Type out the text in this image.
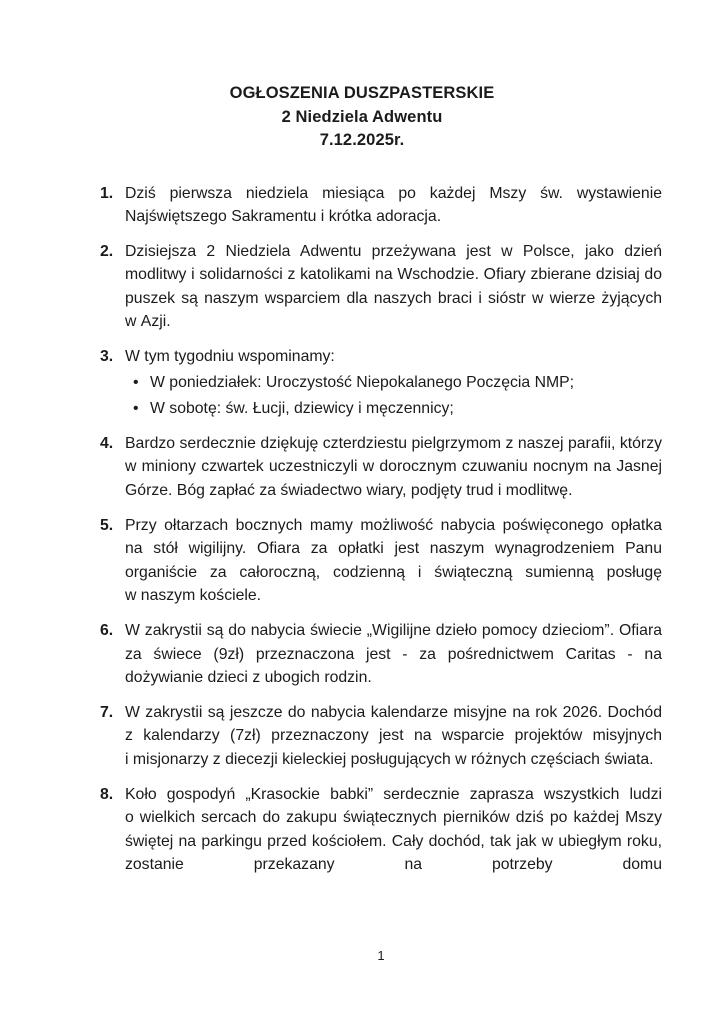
OGŁOSZENIA DUSZPASTERSKIE
2 Niedziela Adwentu
7.12.2025r.
1. Dziś pierwsza niedziela miesiąca po każdej Mszy św. wystawienie Najświętszego Sakramentu i krótka adoracja.
2. Dzisiejsza 2 Niedziela Adwentu przeżywana jest w Polsce, jako dzień modlitwy i solidarności z katolikami na Wschodzie. Ofiary zbierane dzisiaj do puszek są naszym wsparciem dla naszych braci i sióstr w wierze żyjących w Azji.
3. W tym tygodniu wspominamy:
• W poniedziałek: Uroczystość Niepokalanego Poczęcia NMP;
• W sobotę: św. Łucji, dziewicy i męczennicy;
4. Bardzo serdecznie dziękuję czterdziestu pielgrzymom z naszej parafii, którzy w miniony czwartek uczestniczyli w dorocznym czuwaniu nocnym na Jasnej Górze. Bóg zapłać za świadectwo wiary, podjęty trud i modlitwę.
5. Przy ołtarzach bocznych mamy możliwość nabycia poświęconego opłatka na stół wigilijny. Ofiara za opłatki jest naszym wynagrodzeniem Panu organiście za całoroczną, codzienną i świąteczną sumienną posługę w naszym kościele.
6. W zakrystii są do nabycia świecie „Wigilijne dzieło pomocy dzieciom”. Ofiara za świece (9zł) przeznaczona jest - za pośrednictwem Caritas - na dożywianie dzieci z ubogich rodzin.
7. W zakrystii są jeszcze do nabycia kalendarze misyjne na rok 2026. Dochód z kalendarzy (7zł) przeznaczony jest na wsparcie projektów misyjnych i misjonarzy z diecezji kieleckiej posługujących w różnych częściach świata.
8. Koło gospodyń „Krasockie babki” serdecznie zaprasza wszystkich ludzi o wielkich sercach do zakupu świątecznych pierników dziś po każdej Mszy świętej na parkingu przed kościołem. Cały dochód, tak jak w ubiegłym roku, zostanie przekazany na potrzeby domu
1
